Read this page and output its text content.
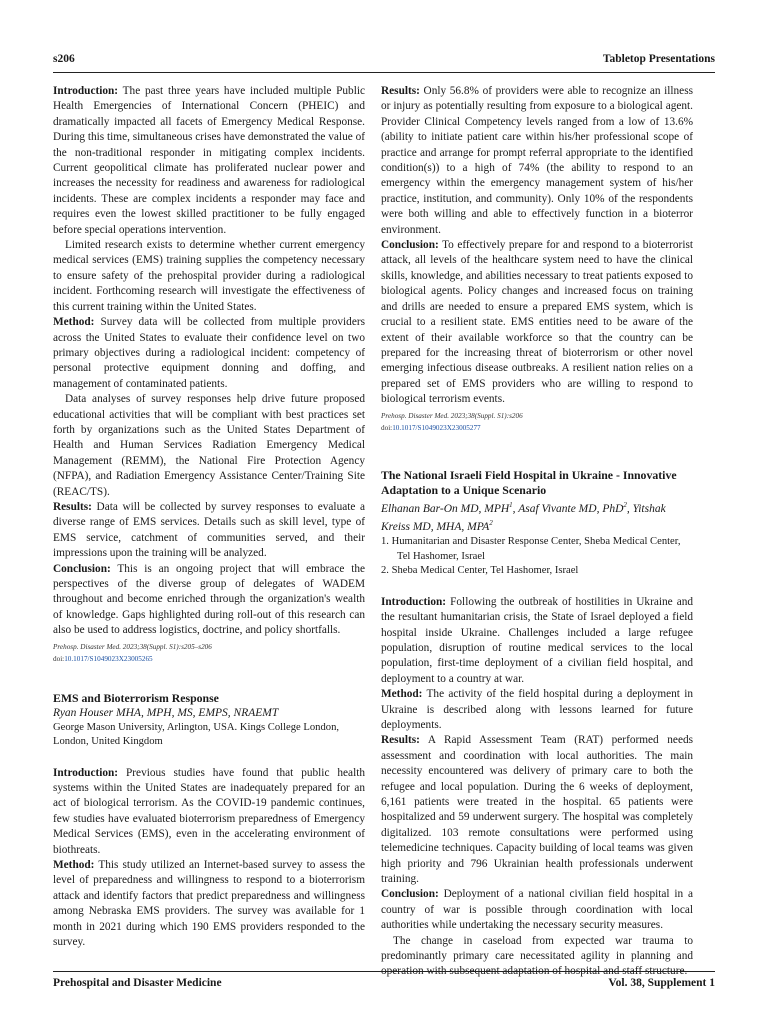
s206	Tabletop Presentations

Introduction: The past three years have included multiple Public Health Emergencies of International Concern (PHEIC) and dramatically impacted all facets of Emergency Medical Response. During this time, simultaneous crises have demonstrated the value of the non-traditional responder in mitigating complex incidents. Current geopolitical climate has proliferated nuclear power and increases the necessity for readiness and awareness for radiological incidents. These are complex incidents a responder may face and requires even the lowest skilled practitioner to be fully engaged before special operations intervention.

Limited research exists to determine whether current emergency medical services (EMS) training supplies the competency necessary to ensure safety of the prehospital provider during a radiological incident. Forthcoming research will investigate the effectiveness of this current training within the United States.

Method: Survey data will be collected from multiple providers across the United States to evaluate their confidence level on two primary objectives during a radiological incident: competency of personal protective equipment donning and doffing, and management of contaminated patients.

Data analyses of survey responses help drive future proposed educational activities that will be compliant with best practices set forth by organizations such as the United States Department of Health and Human Services Radiation Emergency Medical Management (REMM), the National Fire Protection Agency (NFPA), and Radiation Emergency Assistance Center/Training Site (REAC/TS).

Results: Data will be collected by survey responses to evaluate a diverse range of EMS services. Details such as skill level, type of EMS service, catchment of communities served, and their impressions upon the training will be analyzed.

Conclusion: This is an ongoing project that will embrace the perspectives of the diverse group of delegates of WADEM throughout and become enriched through the organization's wealth of knowledge. Gaps highlighted during roll-out of this research can also be used to address logistics, doctrine, and policy shortfalls.

Prehosp. Disaster Med. 2023;38(Suppl. S1):s205–s206
doi:10.1017/S1049023X23005265
EMS and Bioterrorism Response
Ryan Houser MHA, MPH, MS, EMPS, NRAEMT
George Mason University, Arlington, USA. Kings College London, London, United Kingdom

Introduction: Previous studies have found that public health systems within the United States are inadequately prepared for an act of biological terrorism. As the COVID-19 pandemic continues, few studies have evaluated bioterrorism preparedness of Emergency Medical Services (EMS), even in the accelerating environment of biothreats.

Method: This study utilized an Internet-based survey to assess the level of preparedness and willingness to respond to a bioterrorism attack and identify factors that predict preparedness and willingness among Nebraska EMS providers. The survey was available for 1 month in 2021 during which 190 EMS providers responded to the survey.

Results: Only 56.8% of providers were able to recognize an illness or injury as potentially resulting from exposure to a biological agent. Provider Clinical Competency levels ranged from a low of 13.6% (ability to initiate patient care within his/her professional scope of practice and arrange for prompt referral appropriate to the identified condition(s)) to a high of 74% (the ability to respond to an emergency within the emergency management system of his/her practice, institution, and community). Only 10% of the respondents were both willing and able to effectively function in a bioterror environment.

Conclusion: To effectively prepare for and respond to a bioterrorist attack, all levels of the healthcare system need to have the clinical skills, knowledge, and abilities necessary to treat patients exposed to biological agents. Policy changes and increased focus on training and drills are needed to ensure a prepared EMS system, which is crucial to a resilient state. EMS entities need to be aware of the extent of their available workforce so that the country can be prepared for the increasing threat of bioterrorism or other novel emerging infectious disease outbreaks. A resilient nation relies on a prepared set of EMS providers who are willing to respond to biological terrorism events.

Prehosp. Disaster Med. 2023;38(Suppl. S1):s206
doi:10.1017/S1049023X23005277
The National Israeli Field Hospital in Ukraine - Innovative Adaptation to a Unique Scenario
Elhanan Bar-On MD, MPH$^1$, Asaf Vivante MD, PhD$^2$, Yitshak Kreiss MD, MHA, MPA$^2$
1. Humanitarian and Disaster Response Center, Sheba Medical Center, Tel Hashomer, Israel
2. Sheba Medical Center, Tel Hashomer, Israel

Introduction: Following the outbreak of hostilities in Ukraine and the resultant humanitarian crisis, the State of Israel deployed a field hospital inside Ukraine. Challenges included a large refugee population, disruption of routine medical services to the local population, first-time deployment of a civilian field hospital, and deployment to a country at war.

Method: The activity of the field hospital during a deployment in Ukraine is described along with lessons learned for future deployments.

Results: A Rapid Assessment Team (RAT) performed needs assessment and coordination with local authorities. The main necessity encountered was delivery of primary care to both the refugee and local population. During the 6 weeks of deployment, 6,161 patients were treated in the hospital. 65 patients were hospitalized and 59 underwent surgery. The hospital was completely digitalized. 103 remote consultations were performed using telemedicine techniques. Capacity building of local teams was given high priority and 796 Ukrainian health professionals underwent training.

Conclusion: Deployment of a national civilian field hospital in a country of war is possible through coordination with local authorities while undertaking the necessary security measures.

The change in caseload from expected war trauma to predominantly primary care necessitated agility in planning and operation with subsequent adaptation of hospital and staff structure.

Prehospital and Disaster Medicine	Vol. 38, Supplement 1
